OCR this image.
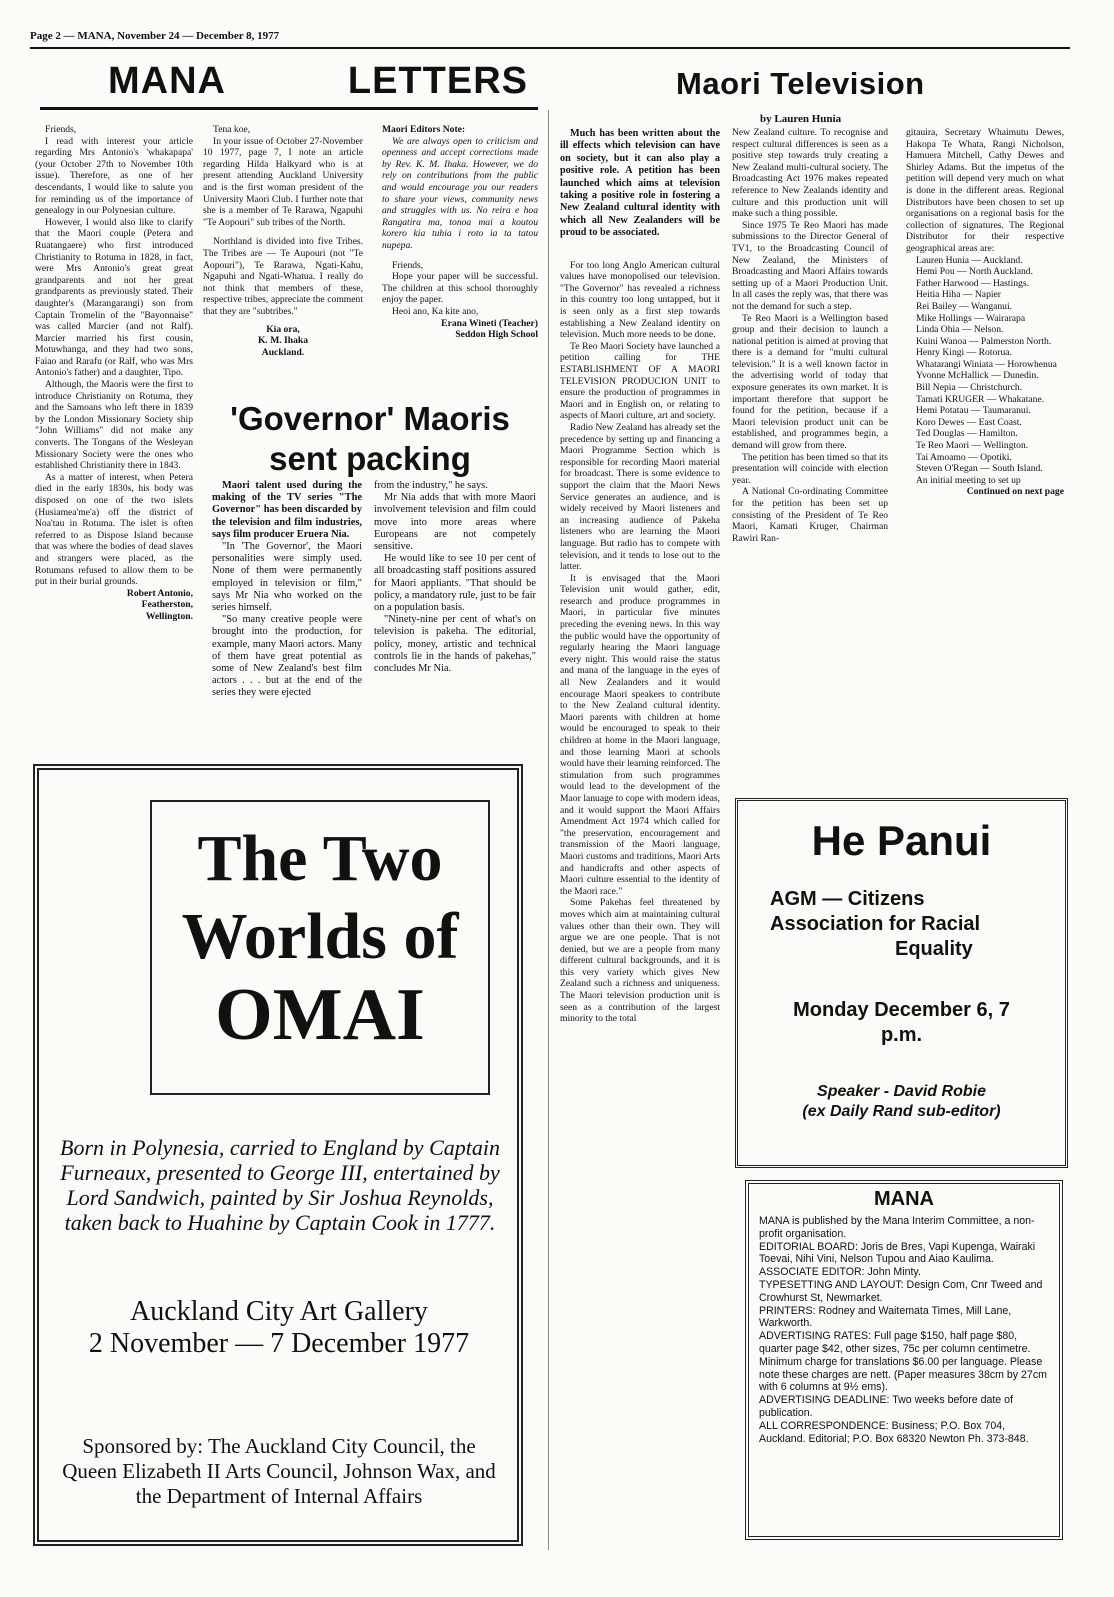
Page 2 — MANA, November 24 — December 8, 1977
MANA	LETTERS	Maori Television
by Lauren Hunia

Friends,

I read with interest your article regarding Mrs Antonio's 'whakapapa' (your October 27th to November 10th issue). Therefore, as one of her descendants, I would like to salute you for reminding us of the importance of genealogy in our Polynesian culture.

However, I would also like to clarify that the Maori couple (Petera and Ruatangaere) who first introduced Christianity to Rotuma in 1828, in fact, were Mrs Antonio's great great grandparents and not her great grandparents as previously stated. Their daughter's (Marangarangi) son from Captain Tromelin of the "Bayonnaise" was called Marcier (and not Ralf). Marcier married his first cousin, Motuwhanga, and they had two sons, Faiao and Rarafu (or Ralf, who was Mrs Antonio's father) and a daughter, Tipo.

Although, the Maoris were the first to introduce Christianity on Rotuma, they and the Samoans who left there in 1839 by the London Missionary Society ship "John Williams" did not make any converts. The Tongans of the Wesleyan Missionary Society were the ones who established Christianity there in 1843.

As a matter of interest, when Petera died in the early 1830s, his body was disposed on one of the two islets (Husiamea'me'a) off the district of Noa'tau in Rotuma. The islet is often referred to as Dispose Island because that was where the bodies of dead slaves and strangers were placed, as the Rotumans refused to allow them to be put in their burial grounds.

Robert Antonio,

Featherston,

Wellington.

Tena koe,

In your issue of October 27-November 10 1977, page 7, I note an article regarding Hilda Halkyard who is at present attending Auckland University and is the first woman president of the University Maori Club. I further note that she is a member of Te Rarawa, Ngapuhi "Te Aopouri" sub tribes of the North.

Northland is divided into five Tribes. The Tribes are — Te Aupouri (not "Te Aopouri"), Te Rarawa, Ngati-Kahu, Ngapuhi and Ngati-Whatua. I really do not think that members of these, respective tribes, appreciate the comment that they are "subtribes."

Kia ora,

K. M. Ihaka

Auckland.

Maori Editors Note:

We are always open to criticism and openness and accept corrections made by Rev. K. M. Ihaka. However, we do rely on contributions from the public and would encourage you our readers to share your views, community news and struggles with us. No reira e hoa Rangatira ma, tonoa mai a koutou korero kia tuhia i roto ia ta tatou nupepa.

Friends,

Hope your paper will be successful. The children at this school thoroughly enjoy the paper.

Heoi ano, Ka kite ano,

Erana Wineti (Teacher)

Seddon High School

'Governor' Maoris
sent packing

Maori talent used during the making of the TV series "The Governor" has been discarded by the television and film industries, says film producer Eruera Nia.

"In 'The Governor', the Maori personalities were simply used. None of them were permanently employed in television or film," says Mr Nia who worked on the series himself.

"So many creative people were brought into the production, for example, many Maori actors. Many of them have great potential as some of New Zealand's best film actors . . . but at the end of the series they were ejected

from the industry," he says.

Mr Nia adds that with more Maori involvement television and film could move into more areas where Europeans are not competely sensitive.

He would like to see 10 per cent of all broadcasting staff positions assured for Maori appliants. "That should be policy, a mandatory rule, just to be fair on a population basis.

"Ninety-nine per cent of what's on television is pakeha. The editorial, policy, money, artistic and technical controls lie in the hands of pakehas," concludes Mr Nia.

Much has been written about the ill effects which television can have on society, but it can also play a positive role. A petition has been launched which aims at television taking a positive role in fostering a New Zealand cultural identity with which all New Zealanders will be proud to be associated.

For too long Anglo American cultural values have monopolised our television. "The Governor" has revealed a richness in this country too long untapped, but it is seen only as a first step towards establishing a New Zealand identity on television. Much more needs to be done.

Te Reo Maori Society have launched a petition calling for THE ESTABLISHMENT OF A MAORI TELEVISION PRODUCION UNIT to ensure the production of programmes in Maori and in English on, or relating to aspects of Maori culture, art and society.

Radio New Zealand has already set the precedence by setting up and financing a Maori Programme Section which is responsible for recording Maori material for broadcast. There is some evidence to support the claim that the Maori News Service generates an audience, and is widely received by Maori listeners and an increasing audience of Pakeha listeners who are learning the Maori language. But radio has to compete with television, and it tends to lose out to the latter.

It is envisaged that the Maori Television unit would gather, edit, research and produce programmes in Maori, in particular five minutes preceding the evening news. In this way the public would have the opportunity of regularly hearing the Maori language every night. This would raise the status and mana of the language in the eyes of all New Zealanders and it would encourage Maori speakers to contribute to the New Zealand cultural identity. Maori parents with children at home would be encouraged to speak to their children at home in the Maori language, and those learning Maori at schools would have their learning reinforced. The stimulation from such programmes would lead to the development of the Maor lanuage to cope with modern ideas, and it would support the Maori Affairs Amendment Act 1974 which called for "the preservation, encouragement and transmission of the Maori language, Maori customs and traditions, Maori Arts and handicrafts and other aspects of Maori culture essential to the identity of the Maori race."

Some Pakehas feel threatened by moves which aim at maintaining cultural values other than their own. They will argue we are one people. That is not denied, but we are a people from many different cultural backgrounds, and it is this very variety which gives New Zealand such a richness and uniqueness. The Maori television production unit is seen as a contribution of the largest minority to the total

New Zealand culture. To recognise and respect cultural differences is seen as a positive step towards truly creating a New Zealand multi-cultural society. The Broadcasting Act 1976 makes repeated reference to New Zealands identity and culture and this production unit will make such a thing possible.

Since 1975 Te Reo Maori has made submissions to the Director General of TV1, to the Broadcasting Council of New Zealand, the Ministers of Broadcasting and Maori Affairs towards setting up of a Maori Production Unit. In all cases the reply was, that there was not the demand for such a step.

Te Reo Maori is a Wellington based group and their decision to launch a national petition is aimed at proving that there is a demand for "multi cultural television." It is a well known factor in the advertising world of today that exposure generates its own market. It is important therefore that support be found for the petition, because if a Maori television product unit can be established, and programmes begin, a demand will grow from there.

The petition has been timed so that its presentation will coincide with election year.

A National Co-ordinating Committee for the petition has been set up consisting of the President of Te Reo Maori, Kamati Kruger, Chairman Rawiri Ran-

gitauira, Secretary Whaimutu Dewes, Hakopa Te Whata, Rangi Nicholson, Hamuera Mitchell, Cathy Dewes and Shirley Adams. But the impetus of the petition will depend very much on what is done in the different areas. Regional Distributors have been chosen to set up organisations on a regional basis for the collection of signatures. The Regional Distributor for their respective geographical areas are:

Lauren Hunia — Auckland.

Hemi Pou — North Auckland.

Father Harwood — Hastings.

Heitia Hiha — Napier

Rei Bailey — Wanganui.

Mike Hollings — Wairarapa

Linda Ohia — Nelson.

Kuini Wanoa — Palmerston North.

Henry Kingi — Rotorua.

Whatarangi Winiata — Horowhenua

Yvonne McHallick — Dunedin.

Bill Nepia — Christchurch.

Tamati KRUGER — Whakatane.

Hemi Potatau — Taumaranui.

Koro Dewes — East Coast.

Ted Douglas — Hamilton.

Te Reo Maori — Wellington.

Tai Amoamo — Opotiki.

Steven O'Regan — South Island.

An initial meeting to set up

Continued on next page

The Two
Worlds of
OMAI
Born in Polynesia, carried to England by Captain Furneaux, presented to George III, entertained by Lord Sandwich, painted by Sir Joshua Reynolds, taken back to Huahine by Captain Cook in 1777.
Auckland City Art Gallery
2 November — 7 December 1977
Sponsored by: The Auckland City Council, the Queen Elizabeth II Arts Council, Johnson Wax, and the Department of Internal Affairs
He Panui
AGM — Citizens
Association for Racial
Equality
Monday December 6, 7
p.m.
Speaker - David Robie
(ex Daily Rand sub-editor)
MANA
MANA is published by the Mana Interim Committee, a non-profit organisation.
EDITORIAL BOARD: Joris de Bres, Vapi Kupenga, Wairaki Toevai, Nihi Vini, Nelson Tupou and Aiao Kaulima.
ASSOCIATE EDITOR: John Minty.
TYPESETTING AND LAYOUT: Design Com, Cnr Tweed and Crowhurst St, Newmarket.
PRINTERS: Rodney and Waitemata Times, Mill Lane, Warkworth.
ADVERTISING RATES: Full page $150, half page $80, quarter page $42, other sizes, 75c per column centimetre. Minimum charge for translations $6.00 per language. Please note these charges are nett. (Paper measures 38cm by 27cm with 6 columns at 9½ ems).
ADVERTISING DEADLINE: Two weeks before date of publication.
ALL CORRESPONDENCE: Business; P.O. Box 704, Auckland. Editorial; P.O. Box 68320 Newton Ph. 373-848.
